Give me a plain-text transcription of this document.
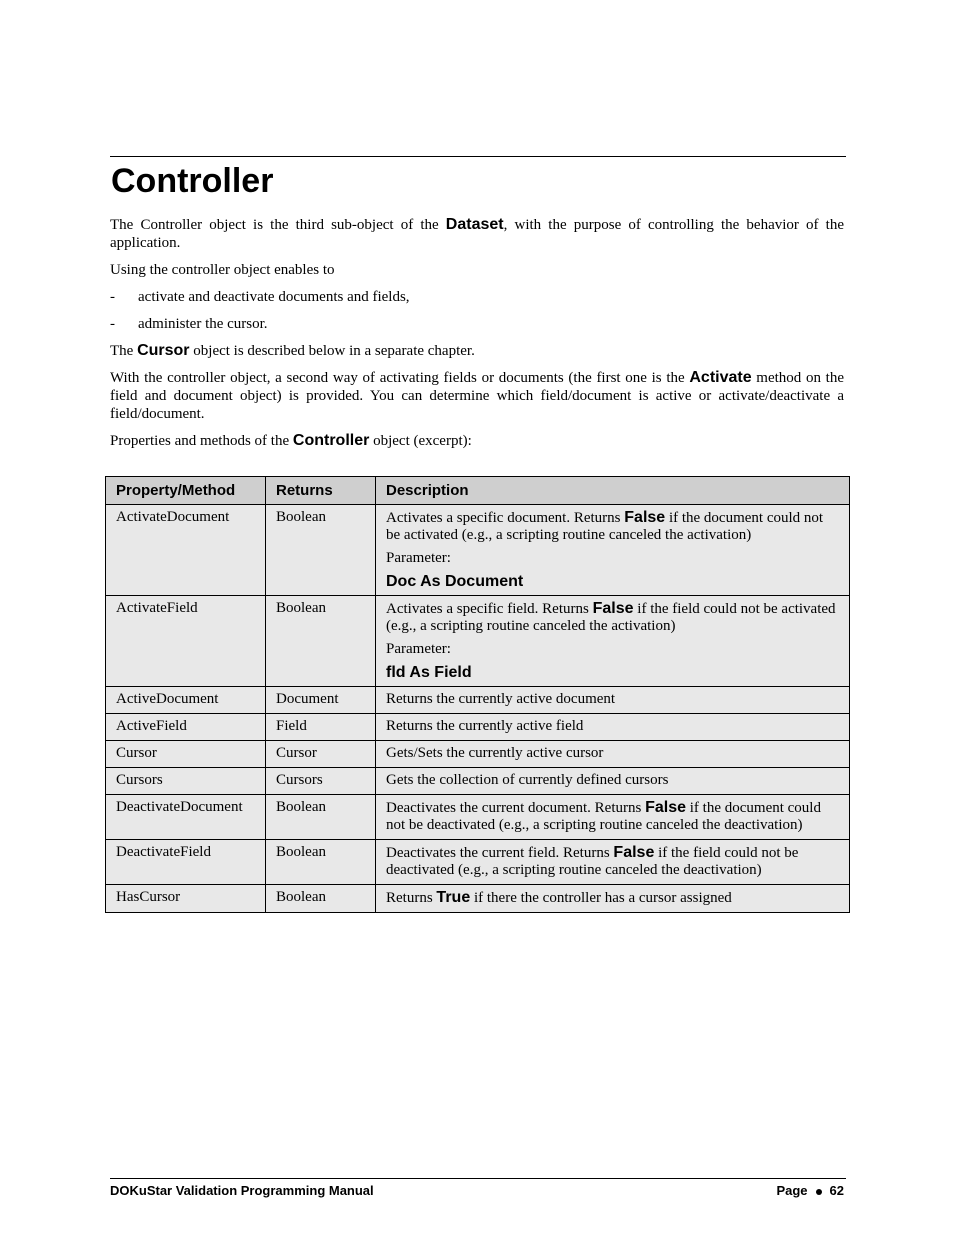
Controller

The Controller object is the third sub-object of the Dataset, with the purpose of controlling the behavior of the application.

Using the controller object enables to

-	activate and deactivate documents and fields,
-	administer the cursor.

The Cursor object is described below in a separate chapter.

With the controller object, a second way of activating fields or documents (the first one is the Activate method on the field and document object) is provided. You can determine which field/document is active or activate/deactivate a field/document.

Properties and methods of the Controller object (excerpt):

Property/Method	Returns	Description
ActivateDocument	Boolean	Activates a specific document. Returns False if the document could not be activated (e.g., a scripting routine canceled the activation)
Parameter:
Doc As Document

ActivateField	Boolean	Activates a specific field. Returns False if the field could not be activated (e.g., a scripting routine canceled the activation)
Parameter:
fld As Field

ActiveDocument	Document	Returns the currently active document
ActiveField	Field	Returns the currently active field
Cursor	Cursor	Gets/Sets the currently active cursor
Cursors	Cursors	Gets the collection of currently defined cursors
DeactivateDocument	Boolean	Deactivates the current document. Returns False if the document could not be deactivated (e.g., a scripting routine canceled the deactivation)
DeactivateField	Boolean	Deactivates the current field. Returns False if the field could not be deactivated (e.g., a scripting routine canceled the deactivation)
HasCursor	Boolean	Returns True if there the controller has a cursor assigned
DOKuStar Validation Programming Manual	Page 62
